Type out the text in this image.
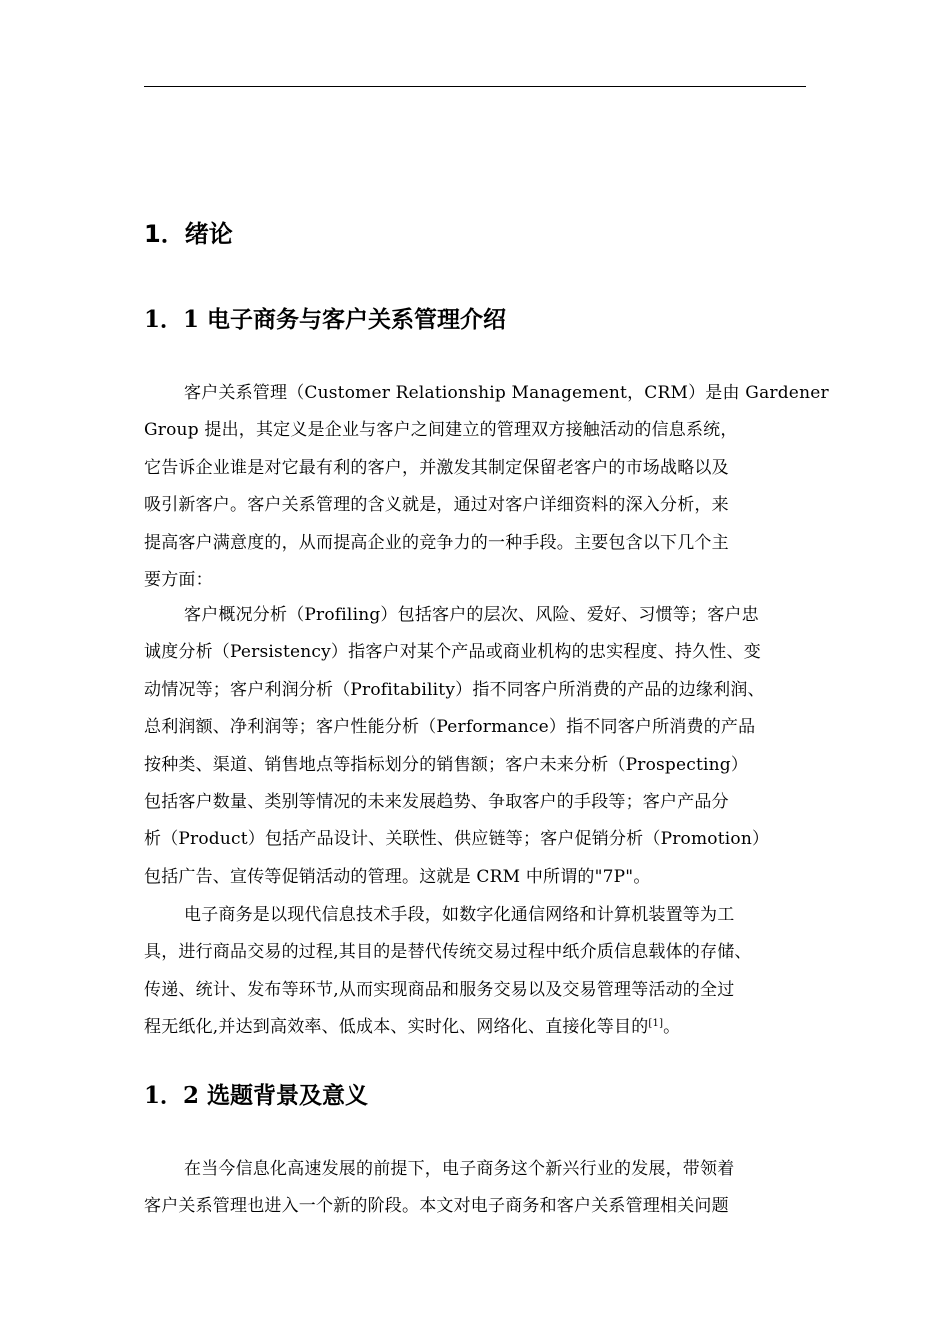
1．绪论
1．1 电子商务与客户关系管理介绍
客户关系管理（Customer Relationship Management，CRM）是由 Gardener
Group 提出，其定义是企业与客户之间建立的管理双方接触活动的信息系统，
它告诉企业谁是对它最有利的客户，并激发其制定保留老客户的市场战略以及
吸引新客户。客户关系管理的含义就是，通过对客户详细资料的深入分析，来
提高客户满意度的，从而提高企业的竞争力的一种手段。主要包含以下几个主
要方面：
客户概况分析（Profiling）包括客户的层次、风险、爱好、习惯等；客户忠
诚度分析（Persistency）指客户对某个产品或商业机构的忠实程度、持久性、变
动情况等；客户利润分析（Profitability）指不同客户所消费的产品的边缘利润、
总利润额、净利润等；客户性能分析（Performance）指不同客户所消费的产品
按种类、渠道、销售地点等指标划分的销售额；客户未来分析（Prospecting）
包括客户数量、类别等情况的未来发展趋势、争取客户的手段等；客户产品分
析（Product）包括产品设计、关联性、供应链等；客户促销分析（Promotion）
包括广告、宣传等促销活动的管理。这就是 CRM 中所谓的"7P"。
电子商务是以现代信息技术手段，如数字化通信网络和计算机装置等为工
具，进行商品交易的过程,其目的是替代传统交易过程中纸介质信息载体的存储、
传递、统计、发布等环节,从而实现商品和服务交易以及交易管理等活动的全过
程无纸化,并达到高效率、低成本、实时化、网络化、直接化等目的[1]。
1．2 选题背景及意义
在当今信息化高速发展的前提下，电子商务这个新兴行业的发展，带领着
客户关系管理也进入一个新的阶段。本文对电子商务和客户关系管理相关问题
